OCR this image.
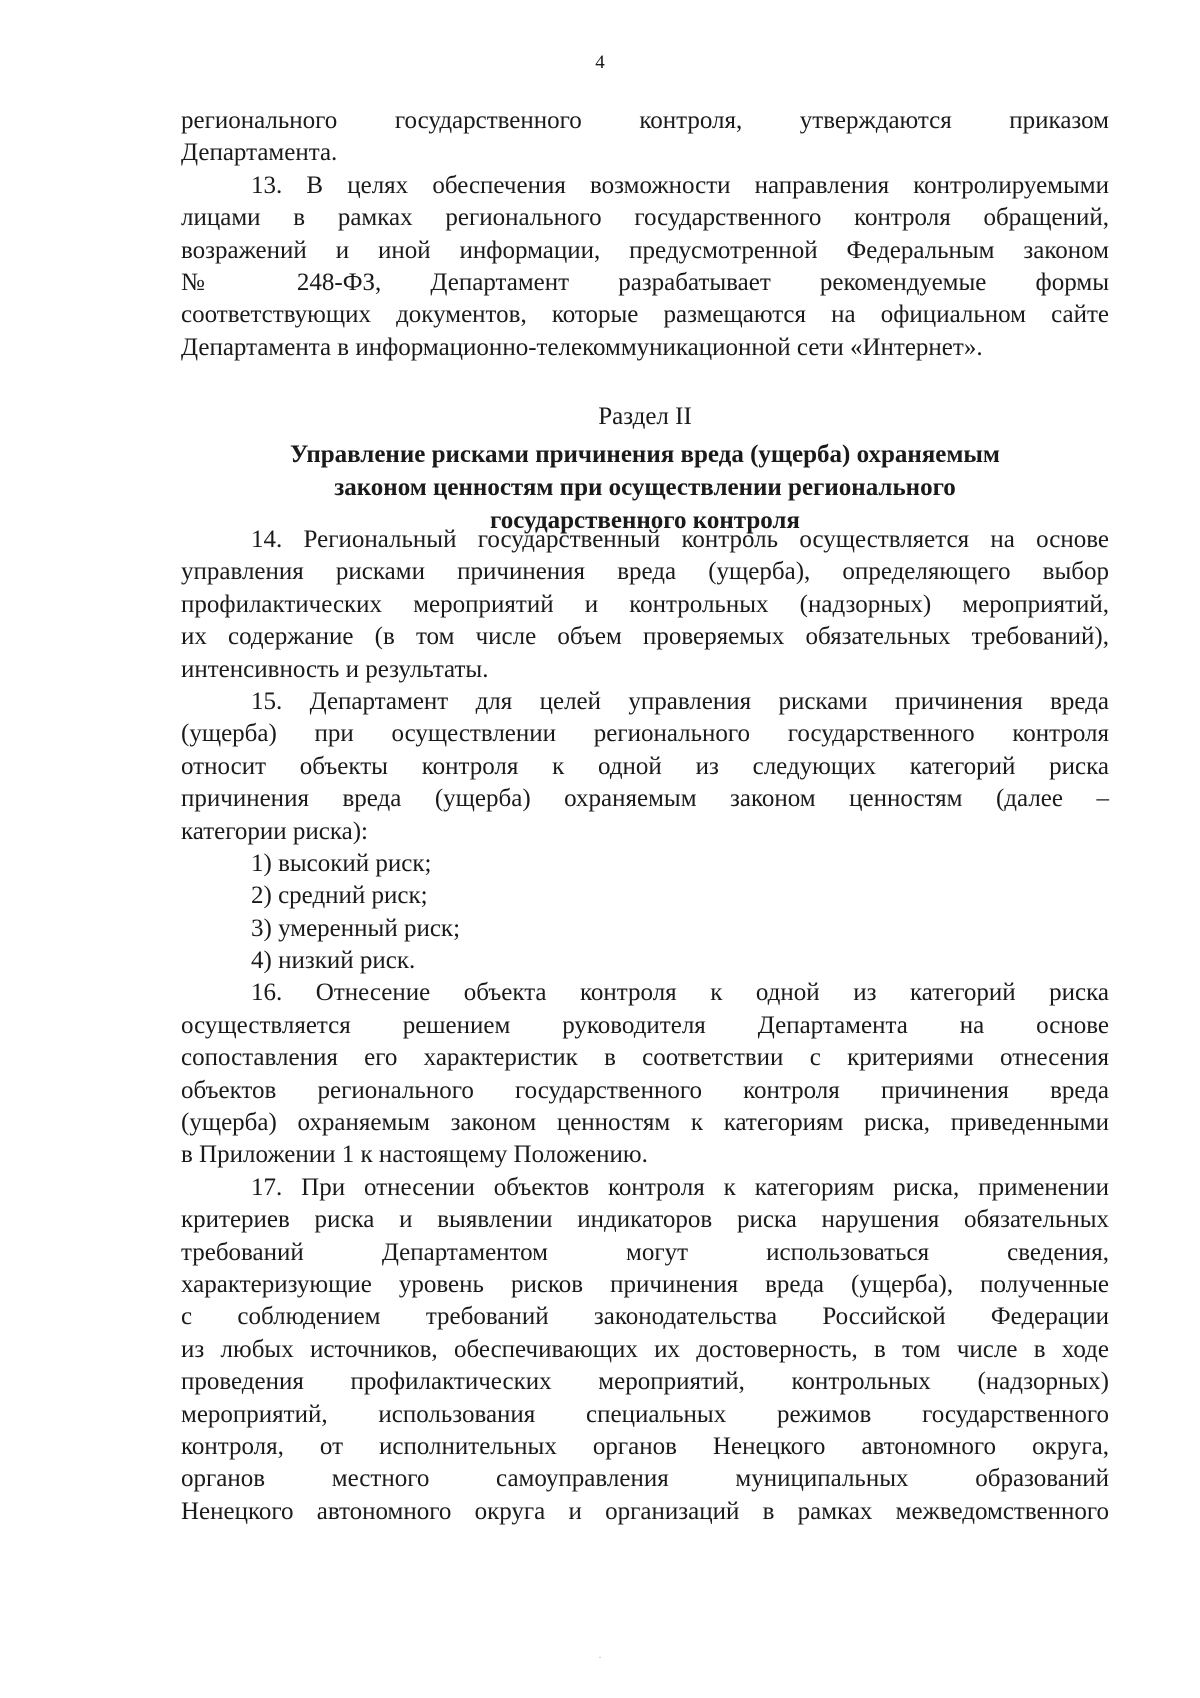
4
регионального государственного контроля, утверждаются приказом
Департамента.
13. В целях обеспечения возможности направления контролируемыми
лицами в рамках регионального государственного контроля обращений,
возражений и иной информации, предусмотренной Федеральным законом
№ 248-ФЗ, Департамент разрабатывает рекомендуемые формы
соответствующих документов, которые размещаются на официальном сайте
Департамента в информационно-телекоммуникационной сети «Интернет».
Раздел II
Управление рисками причинения вреда (ущерба) охраняемым
законом ценностям при осуществлении регионального
государственного контроля
14. Региональный государственный контроль осуществляется на основе
управления рисками причинения вреда (ущерба), определяющего выбор
профилактических мероприятий и контрольных (надзорных) мероприятий,
их содержание (в том числе объем проверяемых обязательных требований),
интенсивность и результаты.
15. Департамент для целей управления рисками причинения вреда
(ущерба) при осуществлении регионального государственного контроля
относит объекты контроля к одной из следующих категорий риска
причинения вреда (ущерба) охраняемым законом ценностям (далее –
категории риска):
1) высокий риск;
2) средний риск;
3) умеренный риск;
4) низкий риск.
16. Отнесение объекта контроля к одной из категорий риска
осуществляется решением руководителя Департамента на основе
сопоставления его характеристик в соответствии с критериями отнесения
объектов регионального государственного контроля причинения вреда
(ущерба) охраняемым законом ценностям к категориям риска, приведенными
в Приложении 1 к настоящему Положению.
17. При отнесении объектов контроля к категориям риска, применении
критериев риска и выявлении индикаторов риска нарушения обязательных
требований Департаментом могут использоваться сведения,
характеризующие уровень рисков причинения вреда (ущерба), полученные
с соблюдением требований законодательства Российской Федерации
из любых источников, обеспечивающих их достоверность, в том числе в ходе
проведения профилактических мероприятий, контрольных (надзорных)
мероприятий, использования специальных режимов государственного
контроля, от исполнительных органов Ненецкого автономного округа,
органов местного самоуправления муниципальных образований
Ненецкого автономного округа и организаций в рамках межведомственного
·
